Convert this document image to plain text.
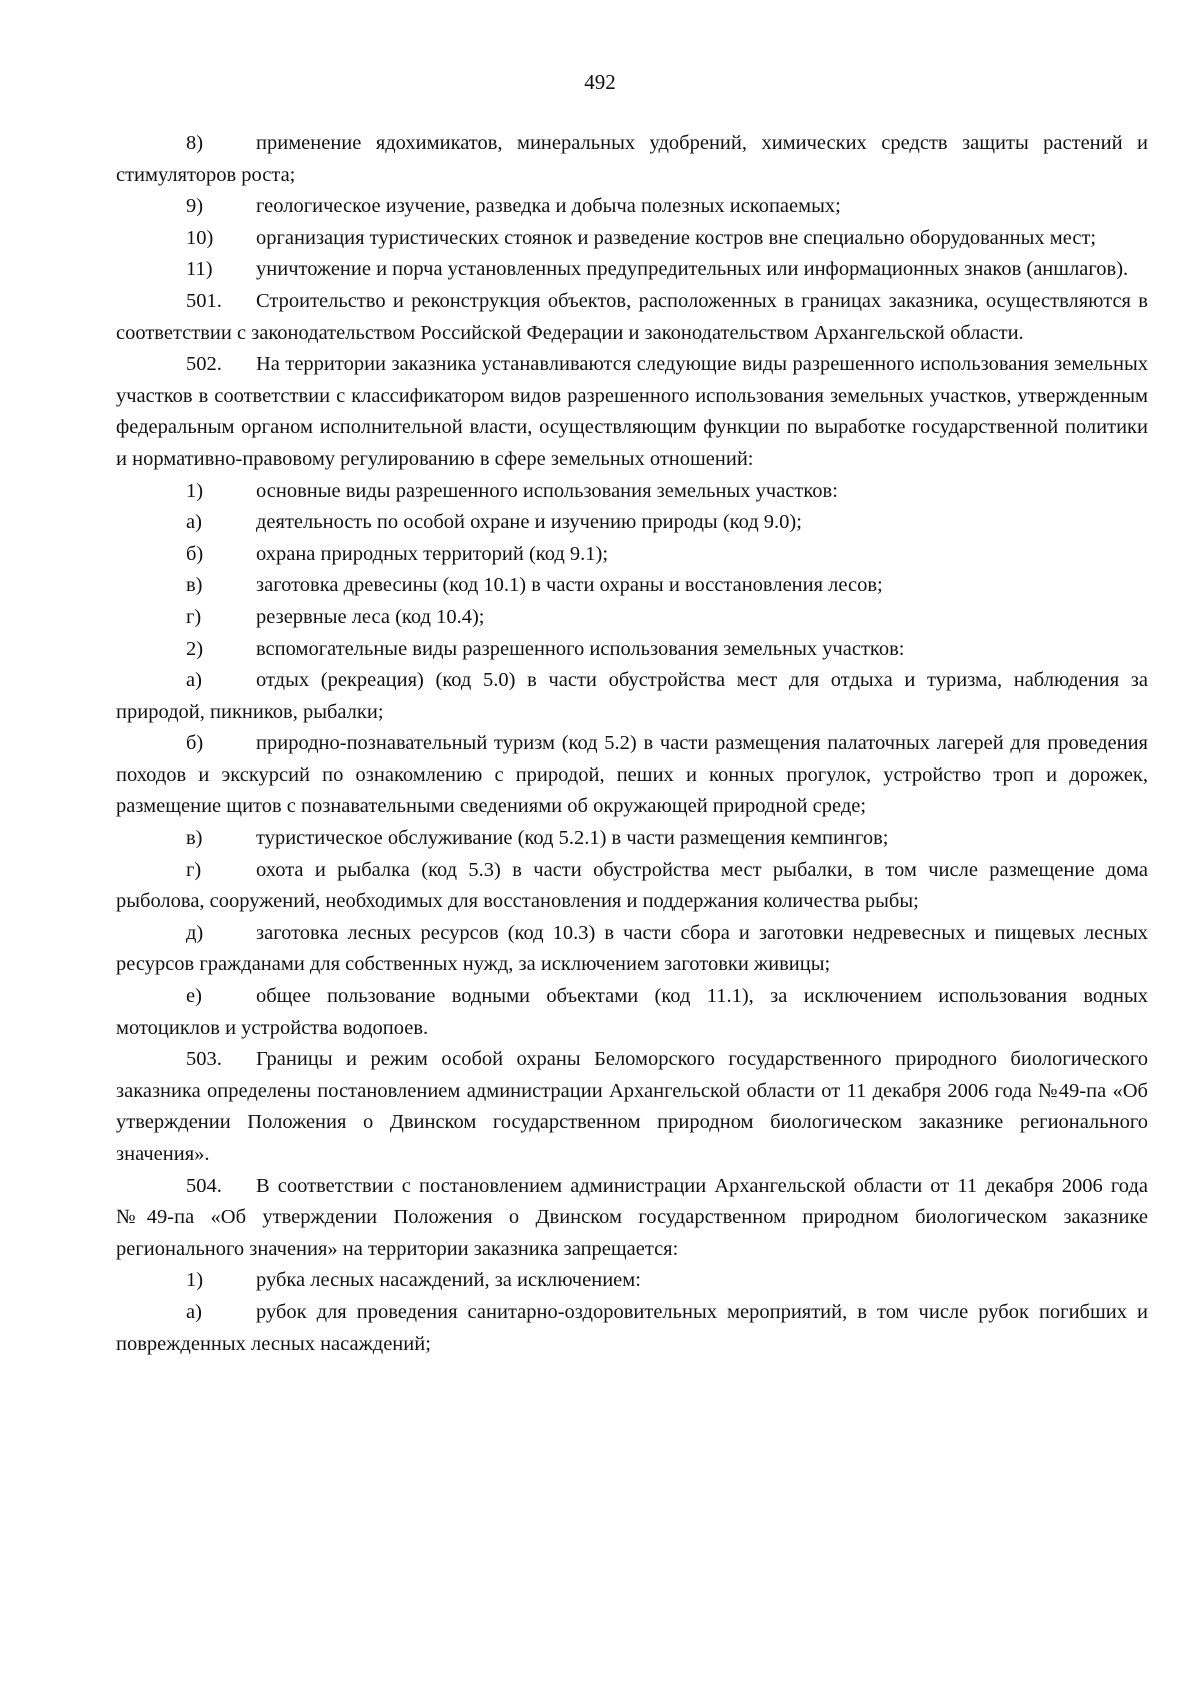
492

8)	применение ядохимикатов, минеральных удобрений, химических средств защиты растений и стимуляторов роста;

9)	геологическое изучение, разведка и добыча полезных ископаемых;

10) организация туристических стоянок и разведение костров вне специально оборудованных мест;

11) уничтожение и порча установленных предупредительных или информационных знаков (аншлагов).

501. Строительство и реконструкция объектов, расположенных в границах заказника, осуществляются в соответствии с законодательством Российской Федерации и законодательством Архангельской области.

502. На территории заказника устанавливаются следующие виды разрешенного использования земельных участков в соответствии с классификатором видов разрешенного использования земельных участков, утвержденным федеральным органом исполнительной власти, осуществляющим функции по выработке государственной политики и нормативно-правовому регулированию в сфере земельных отношений:

1)	основные виды разрешенного использования земельных участков:

а)	деятельность по особой охране и изучению природы (код 9.0);

б)	охрана природных территорий (код 9.1);

в)	заготовка древесины (код 10.1) в части охраны и восстановления лесов;

г)	резервные леса (код 10.4);

2)	вспомогательные виды разрешенного использования земельных участков:

а)	отдых (рекреация) (код 5.0) в части обустройства мест для отдыха и туризма, наблюдения за природой, пикников, рыбалки;

б)	природно-познавательный туризм (код 5.2) в части размещения палаточных лагерей для проведения походов и экскурсий по ознакомлению с природой, пеших и конных прогулок, устройство троп и дорожек, размещение щитов с познавательными сведениями об окружающей природной среде;

в)	туристическое обслуживание (код 5.2.1) в части размещения кемпингов;

г)	охота и рыбалка (код 5.3) в части обустройства мест рыбалки, в том числе размещение дома рыболова, сооружений, необходимых для восстановления и поддержания количества рыбы;

д)	заготовка лесных ресурсов (код 10.3) в части сбора и заготовки недревесных и пищевых лесных ресурсов гражданами для собственных нужд, за исключением заготовки живицы;

е)	общее пользование водными объектами (код 11.1), за исключением использования водных мотоциклов и устройства водопоев.

503. Границы и режим особой охраны Беломорского государственного природного биологического заказника определены постановлением администрации Архангельской области от 11 декабря 2006 года №49-па «Об утверждении Положения о Двинском государственном природном биологическом заказнике регионального значения».

504. В соответствии с постановлением администрации Архангельской области от 11 декабря 2006 года №49-па «Об утверждении Положения о Двинском государственном природном биологическом заказнике регионального значения» на территории заказника запрещается:

1)	рубка лесных насаждений, за исключением:

а)	рубок для проведения санитарно-оздоровительных мероприятий, в том числе рубок погибших и поврежденных лесных насаждений;
